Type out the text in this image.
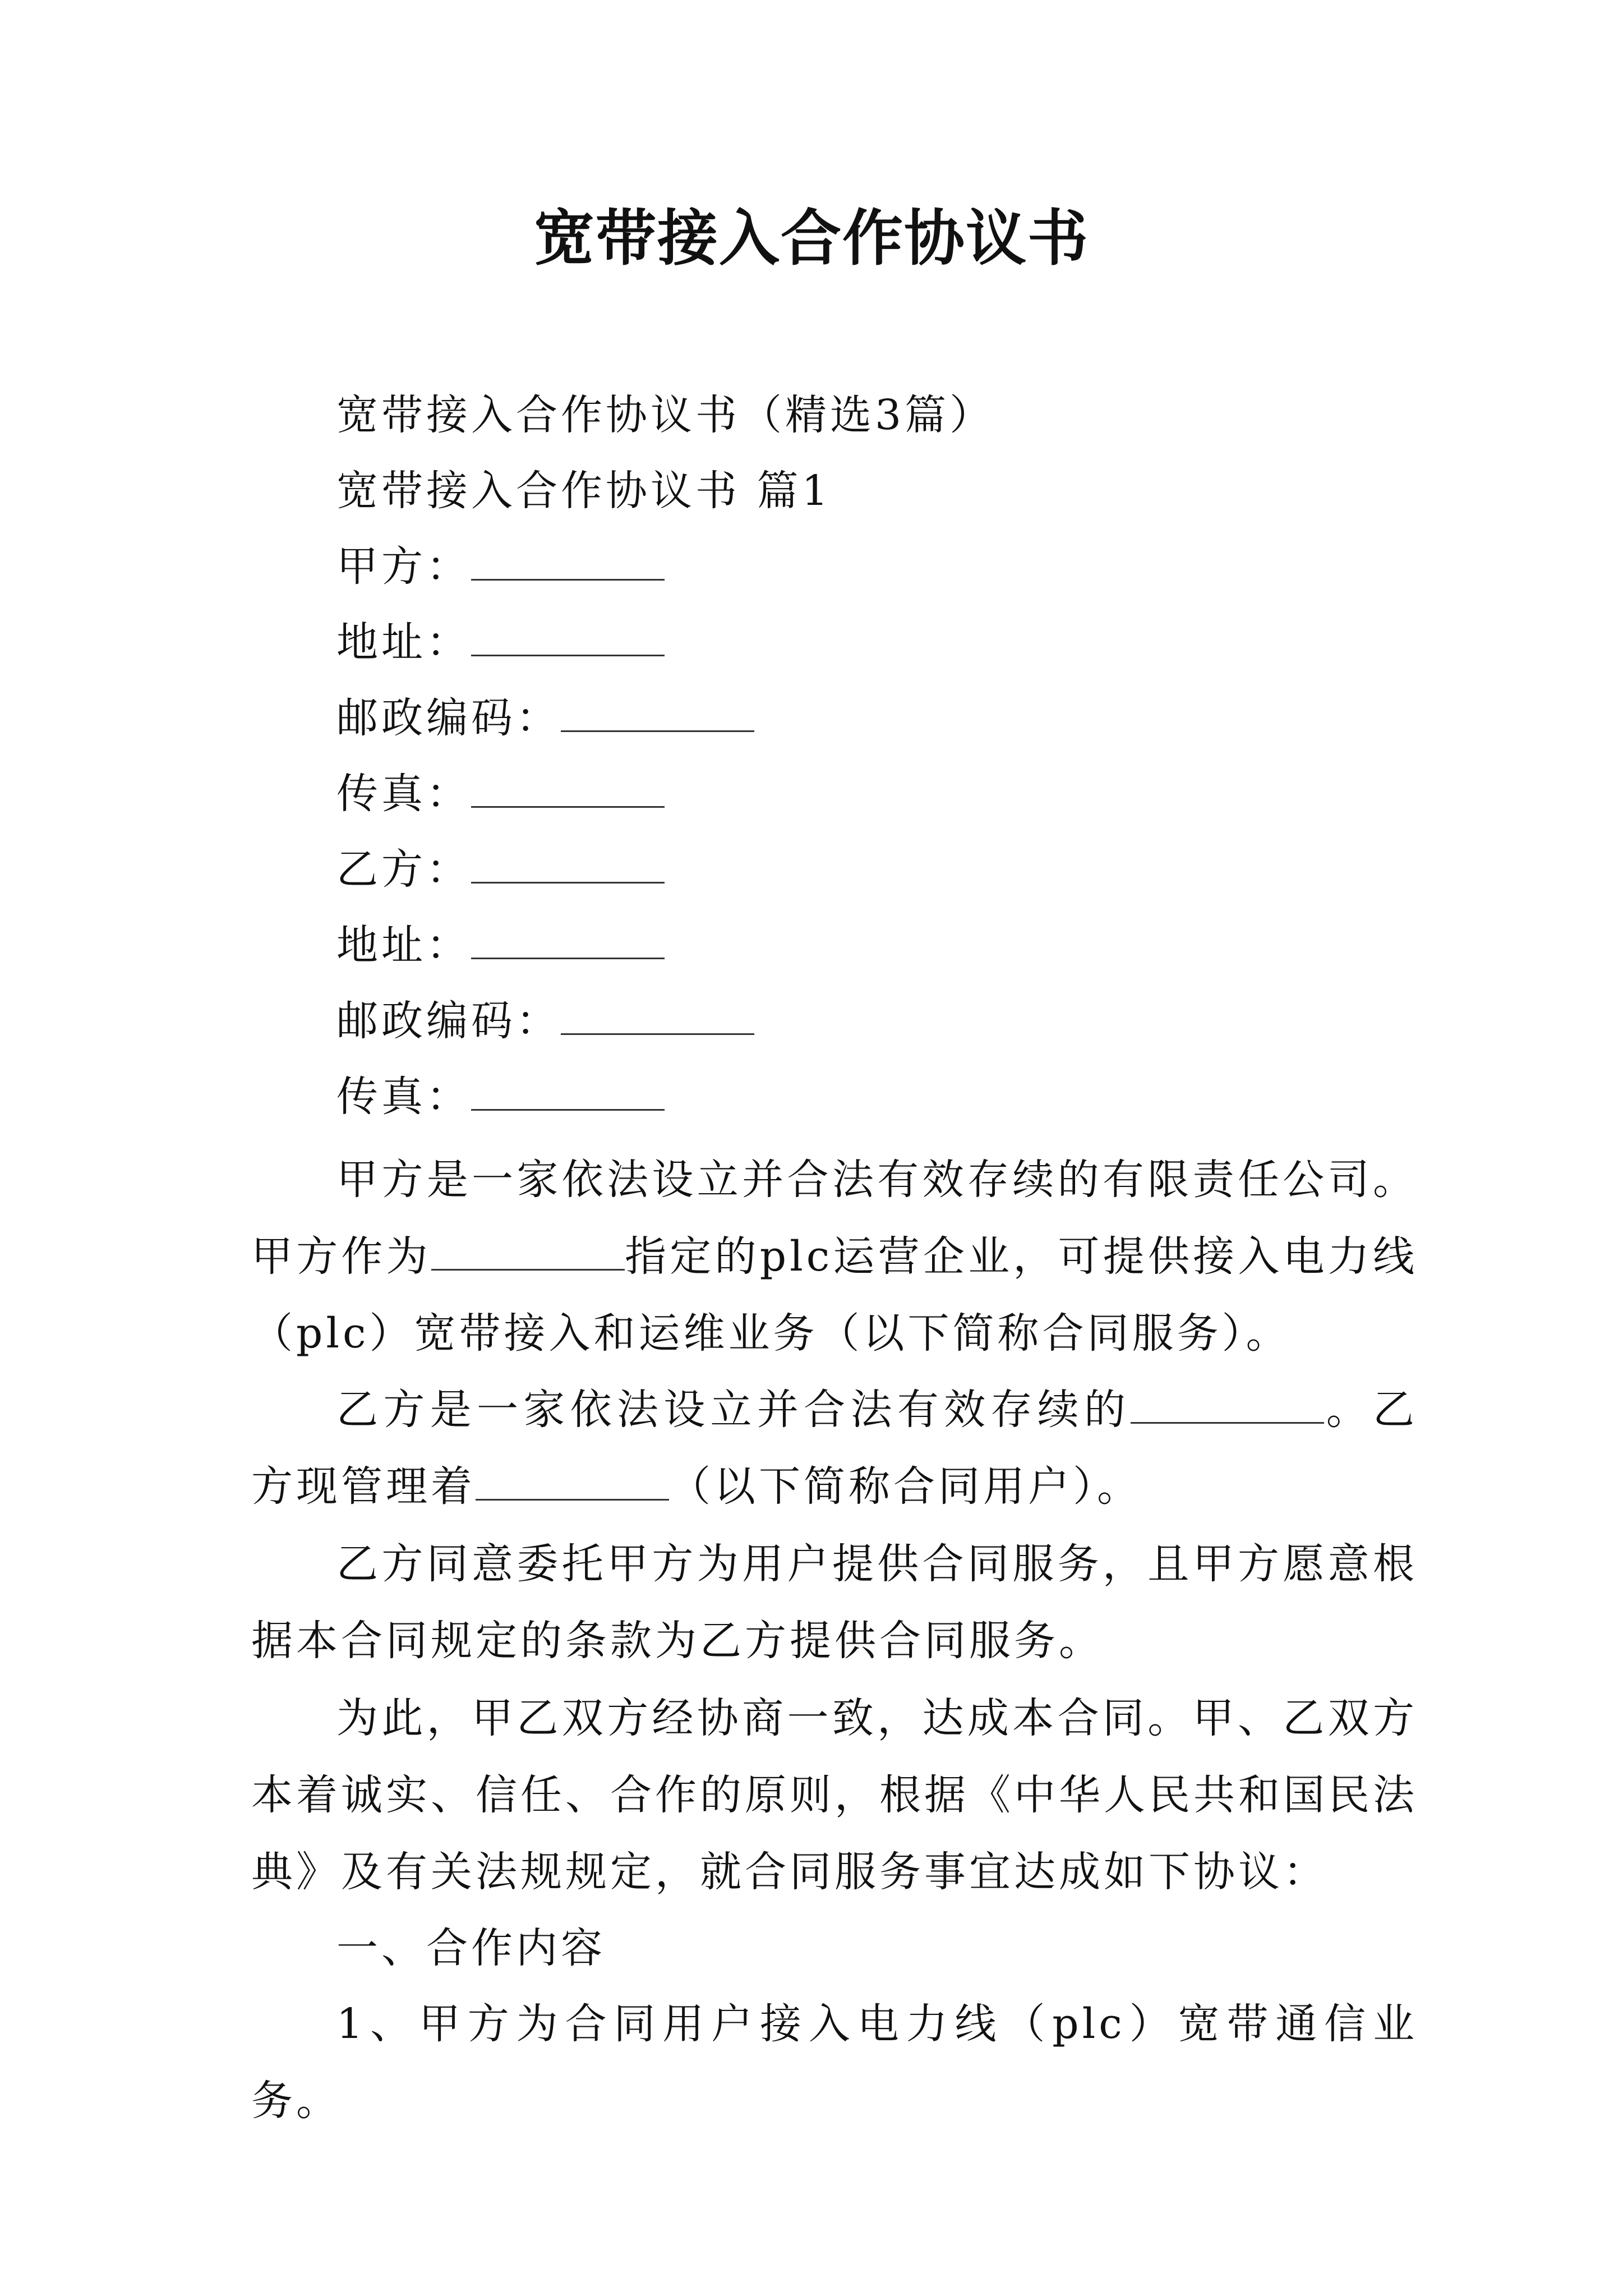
宽带接入合作协议书
宽带接入合作协议书（精选3篇）
宽带接入合作协议书 篇1
甲方：
地址：
邮政编码：
传真：
乙方：
地址：
邮政编码：
传真：
甲方是一家依法设立并合法有效存续的有限责任公司。甲方作为	指定的plc运营企业，可提供接入电力线（plc）宽带接入和运维业务（以下简称合同服务）。
乙方是一家依法设立并合法有效存续的	。乙方现管理着	（以下简称合同用户）。
乙方同意委托甲方为用户提供合同服务，且甲方愿意根据本合同规定的条款为乙方提供合同服务。
为此，甲乙双方经协商一致，达成本合同。甲、乙双方本着诚实、信任、合作的原则，根据《中华人民共和国民法典》及有关法规规定，就合同服务事宜达成如下协议：
一、合作内容
1、甲方为合同用户接入电力线（plc）宽带通信业务。
